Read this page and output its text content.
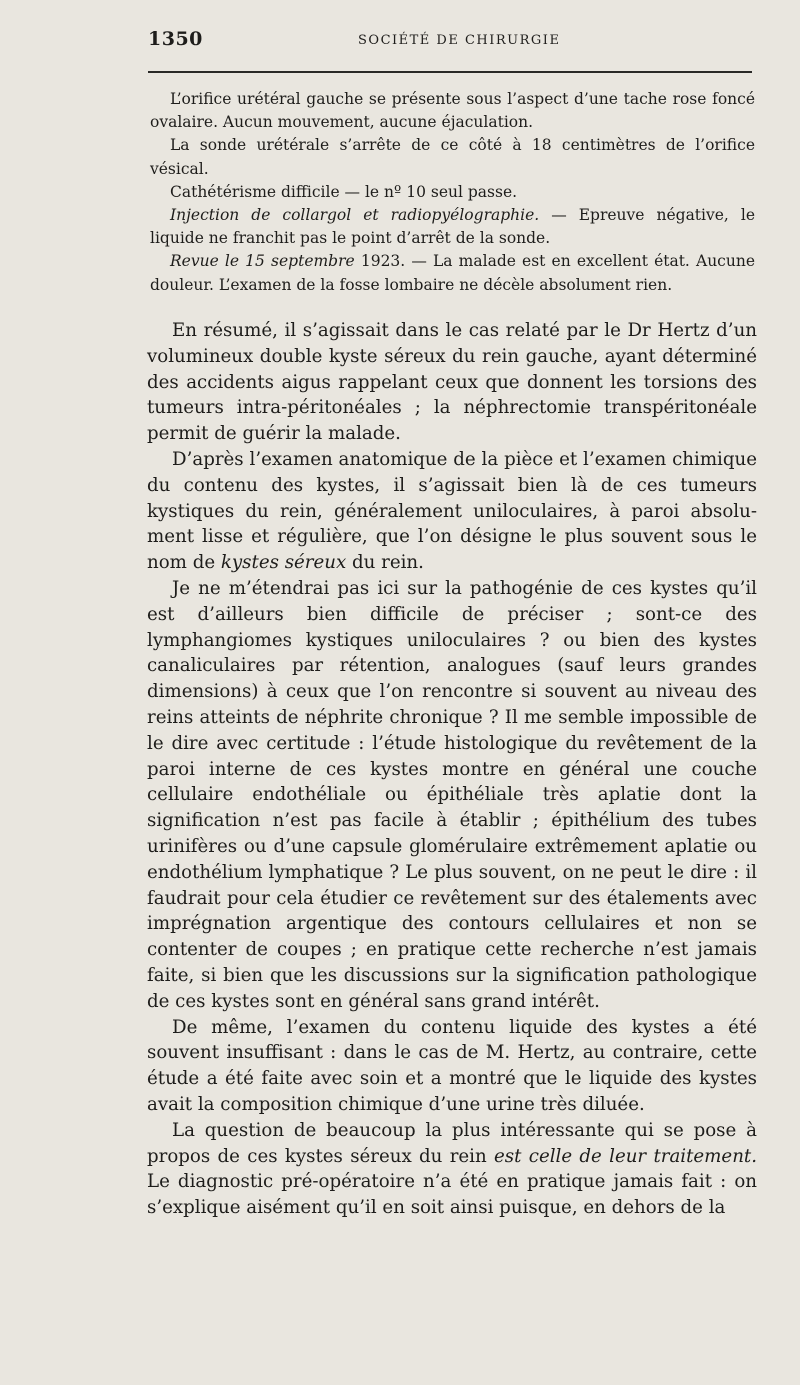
1350	SOCIÉTÉ DE CHIRURGIE

L’orifice urétéral gauche se présente sous l’aspect d’une tache rose foncé ovalaire. Aucun mouvement, aucune éjaculation.

La sonde urétérale s’arrête de ce côté à 18 centimètres de l’orifice vésical.

Cathétérisme difficile — le nº 10 seul passe.

Injection de collargol et radiopyélographie. — Epreuve négative, le liquide ne franchit pas le point d’arrêt de la sonde.

Revue le 15 septembre 1923. — La malade est en excellent état. Aucune douleur. L’examen de la fosse lombaire ne décèle absolument rien.

En résumé, il s’agissait dans le cas relaté par le Dr Hertz d’un volumineux double kyste séreux du rein gauche, ayant déterminé des accidents aigus rappelant ceux que donnent les torsions des tumeurs intra-péritonéales ; la néphrectomie transpéritonéale permit de guérir la malade.

D’après l’examen anatomique de la pièce et l’examen chimique du contenu des kystes, il s’agissait bien là de ces tumeurs kystiques du rein, généralement uniloculaires, à paroi absolument lisse et régulière, que l’on désigne le plus souvent sous le nom de kystes séreux du rein.

Je ne m’étendrai pas ici sur la pathogénie de ces kystes qu’il est d’ailleurs bien difficile de préciser ; sont-ce des lymphangiomes kystiques uniloculaires ? ou bien des kystes canaliculaires par rétention, analogues (sauf leurs grandes dimensions) à ceux que l’on rencontre si souvent au niveau des reins atteints de néphrite chronique ? Il me semble impossible de le dire avec certitude : l’étude histologique du revêtement de la paroi interne de ces kystes montre en général une couche cellulaire endothéliale ou épithéliale très aplatie dont la signification n’est pas facile à établir ; épithélium des tubes urinifères ou d’une capsule glomérulaire extrêmement aplatie ou endothélium lymphatique ? Le plus souvent, on ne peut le dire : il faudrait pour cela étudier ce revêtement sur des étalements avec imprégnation argentique des contours cellulaires et non se contenter de coupes ; en pratique cette recherche n’est jamais faite, si bien que les discussions sur la signification pathologique de ces kystes sont en général sans grand intérêt.

De même, l’examen du contenu liquide des kystes a été souvent insuffisant : dans le cas de M. Hertz, au contraire, cette étude a été faite avec soin et a montré que le liquide des kystes avait la composition chimique d’une urine très diluée.

La question de beaucoup la plus intéressante qui se pose à propos de ces kystes séreux du rein est celle de leur traitement. Le diagnostic pré-opératoire n’a été en pratique jamais fait : on s’explique aisément qu’il en soit ainsi puisque, en dehors de la
